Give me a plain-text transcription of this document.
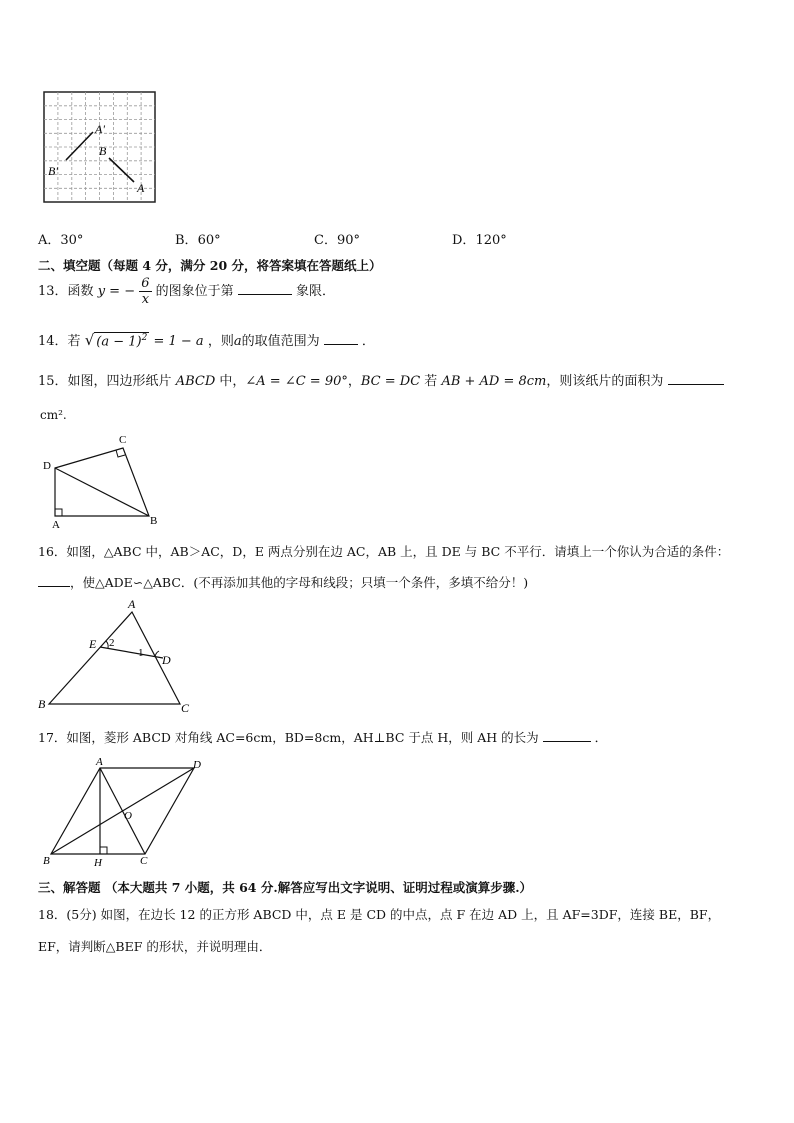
A'
B
B'
A
A．30°	B．60°	C．90°	D．120°
二、填空题（每题 4 分，满分 20 分，将答案填在答题纸上）
13．函数 y = − $\frac{6}{x}$ 的图象位于第	象限．
14．若 √ $(a - 1)^2 = 1 - a$ ，则a的取值范围为	．
15．如图，四边形纸片 ABCD 中，∠A = ∠C = 90°，BC = DC 若 AB + AD = 8cm，则该纸片的面积为
cm².
C
D
A	B
16．如图，△ABC 中，AB＞AC，D，E 两点分别在边 AC，AB 上，且 DE 与 BC 不平行．请填上一个你认为合适的条件：
，使△ADE∽△ABC．(不再添加其他的字母和线段；只填一个条件，多填不给分！)
A
E 2
1 D
B	C
17．如图，菱形 ABCD 对角线 AC=6cm，BD=8cm，AH⊥BC 于点 H，则 AH 的长为	．
A	D
O
B	H	C
三、解答题 （本大题共 7 小题，共 64 分.解答应写出文字说明、证明过程或演算步骤.）
18．(5分) 如图，在边长 12 的正方形 ABCD 中，点 E 是 CD 的中点，点 F 在边 AD 上，且 AF=3DF，连接 BE，BF，
EF，请判断△BEF 的形状，并说明理由．
